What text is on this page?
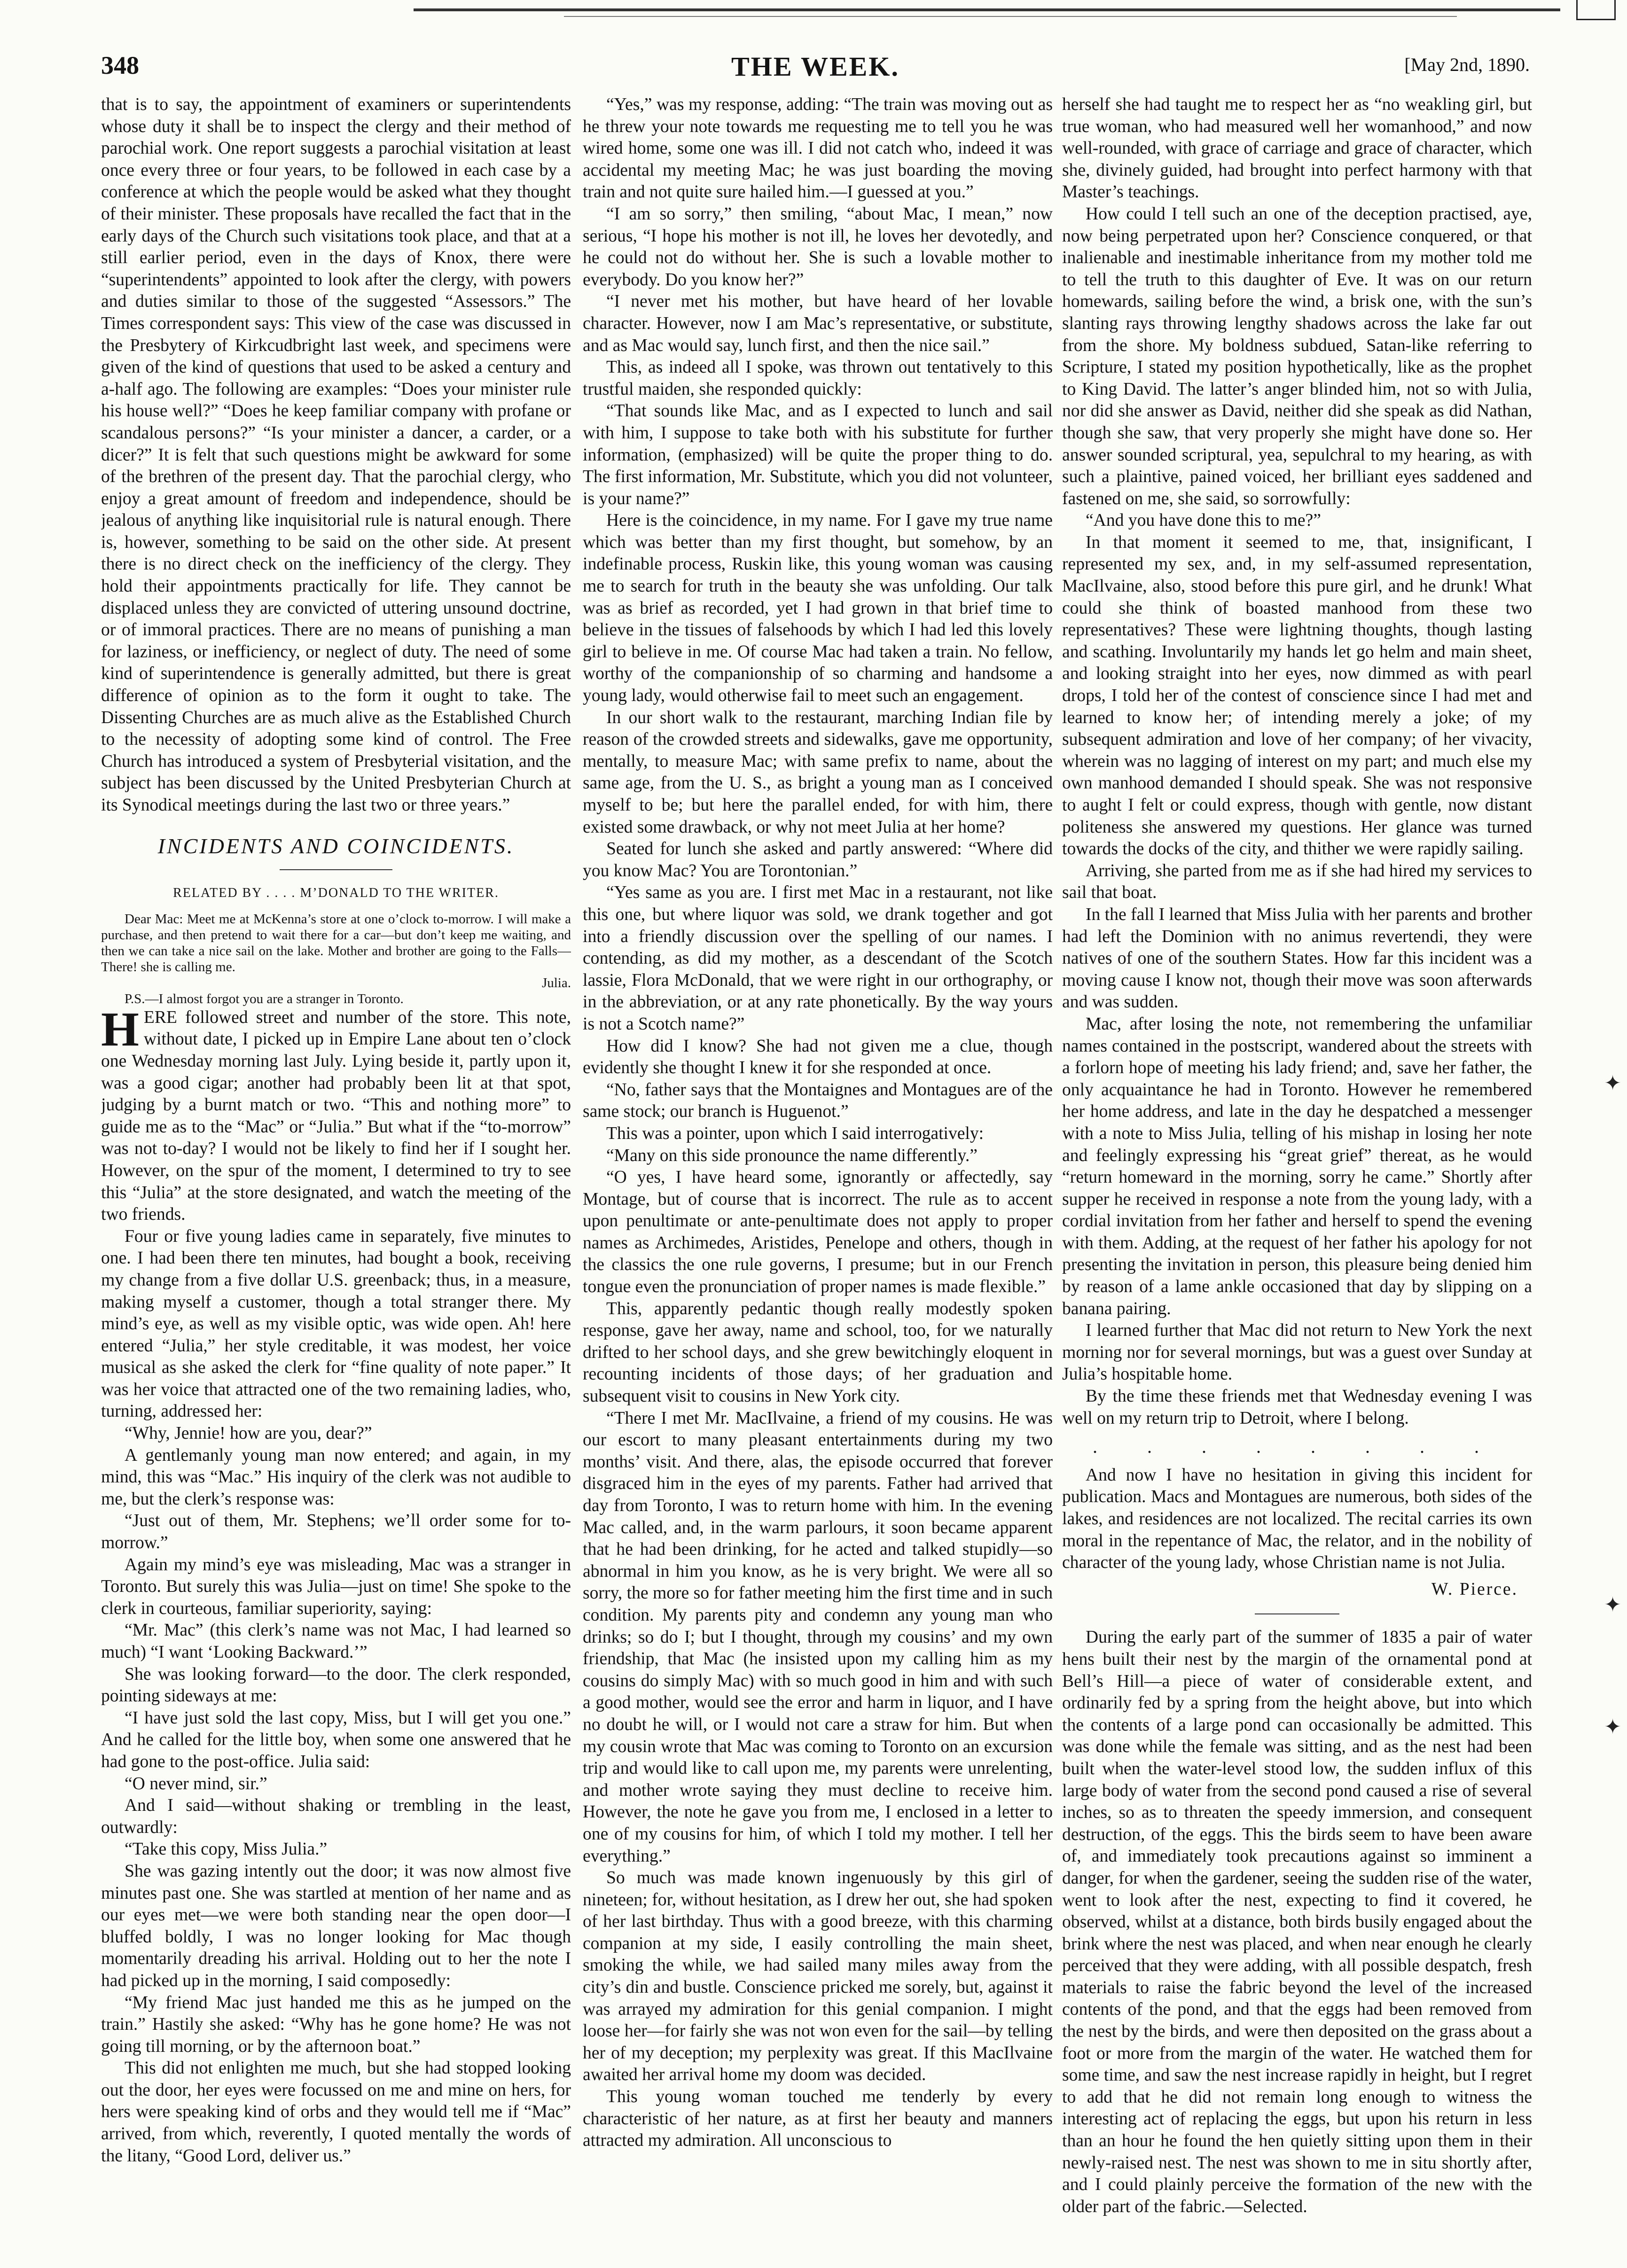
348	THE WEEK.	[May 2nd, 1890.

that is to say, the appointment of examiners or superintendents whose duty it shall be to inspect the clergy and their method of parochial work. One report suggests a parochial visitation at least once every three or four years, to be followed in each case by a conference at which the people would be asked what they thought of their minister. These proposals have recalled the fact that in the early days of the Church such visitations took place, and that at a still earlier period, even in the days of Knox, there were “superintendents” appointed to look after the clergy, with powers and duties similar to those of the suggested “Assessors.” The Times correspondent says: This view of the case was discussed in the Presbytery of Kirkcudbright last week, and specimens were given of the kind of questions that used to be asked a century and a-half ago. The following are examples: “Does your minister rule his house well?” “Does he keep familiar company with profane or scandalous persons?” “Is your minister a dancer, a carder, or a dicer?” It is felt that such questions might be awkward for some of the brethren of the present day. That the parochial clergy, who enjoy a great amount of freedom and independence, should be jealous of anything like inquisitorial rule is natural enough. There is, however, something to be said on the other side. At present there is no direct check on the inefficiency of the clergy. They hold their appointments practically for life. They cannot be displaced unless they are convicted of uttering unsound doctrine, or of immoral practices. There are no means of punishing a man for laziness, or inefficiency, or neglect of duty. The need of some kind of superintendence is generally admitted, but there is great difference of opinion as to the form it ought to take. The Dissenting Churches are as much alive as the Established Church to the necessity of adopting some kind of control. The Free Church has introduced a system of Presbyterial visitation, and the subject has been discussed by the United Presbyterian Church at its Synodical meetings during the last two or three years.”

INCIDENTS AND COINCIDENTS.
RELATED BY . . . . M’DONALD TO THE WRITER.

Dear Mac: Meet me at McKenna’s store at one o’clock to-morrow. I will make a purchase, and then pretend to wait there for a car—but don’t keep me waiting, and then we can take a nice sail on the lake. Mother and brother are going to the Falls— There! she is calling me.

Julia.

P.S.—I almost forgot you are a stranger in Toronto.

HERE followed street and number of the store. This note, without date, I picked up in Empire Lane about ten o’clock one Wednesday morning last July. Lying beside it, partly upon it, was a good cigar; another had probably been lit at that spot, judging by a burnt match or two. “This and nothing more” to guide me as to the “Mac” or “Julia.” But what if the “to-morrow” was not to-day? I would not be likely to find her if I sought her. However, on the spur of the moment, I determined to try to see this “Julia” at the store designated, and watch the meeting of the two friends.

Four or five young ladies came in separately, five minutes to one. I had been there ten minutes, had bought a book, receiving my change from a five dollar U.S. greenback; thus, in a measure, making myself a customer, though a total stranger there. My mind’s eye, as well as my visible optic, was wide open. Ah! here entered “Julia,” her style creditable, it was modest, her voice musical as she asked the clerk for “fine quality of note paper.” It was her voice that attracted one of the two remaining ladies, who, turning, addressed her:

“Why, Jennie! how are you, dear?”

A gentlemanly young man now entered; and again, in my mind, this was “Mac.” His inquiry of the clerk was not audible to me, but the clerk’s response was:

“Just out of them, Mr. Stephens; we’ll order some for to-morrow.”

Again my mind’s eye was misleading, Mac was a stranger in Toronto. But surely this was Julia—just on time! She spoke to the clerk in courteous, familiar superiority, saying:

“Mr. Mac” (this clerk’s name was not Mac, I had learned so much) “I want ‘Looking Backward.’”

She was looking forward—to the door. The clerk responded, pointing sideways at me:

“I have just sold the last copy, Miss, but I will get you one.” And he called for the little boy, when some one answered that he had gone to the post-office. Julia said:

“O never mind, sir.”

And I said—without shaking or trembling in the least, outwardly:

“Take this copy, Miss Julia.”

She was gazing intently out the door; it was now almost five minutes past one. She was startled at mention of her name and as our eyes met—we were both standing near the open door—I bluffed boldly, I was no longer looking for Mac though momentarily dreading his arrival. Holding out to her the note I had picked up in the morning, I said composedly:

“My friend Mac just handed me this as he jumped on the train.” Hastily she asked: “Why has he gone home? He was not going till morning, or by the afternoon boat.”

This did not enlighten me much, but she had stopped looking out the door, her eyes were focussed on me and mine on hers, for hers were speaking kind of orbs and they would tell me if “Mac” arrived, from which, reverently, I quoted mentally the words of the litany, “Good Lord, deliver us.”

“Yes,” was my response, adding: “The train was moving out as he threw your note towards me requesting me to tell you he was wired home, some one was ill. I did not catch who, indeed it was accidental my meeting Mac; he was just boarding the moving train and not quite sure hailed him.—I guessed at you.”

“I am so sorry,” then smiling, “about Mac, I mean,” now serious, “I hope his mother is not ill, he loves her devotedly, and he could not do without her. She is such a lovable mother to everybody. Do you know her?”

“I never met his mother, but have heard of her lovable character. However, now I am Mac’s representative, or substitute, and as Mac would say, lunch first, and then the nice sail.”

This, as indeed all I spoke, was thrown out tentatively to this trustful maiden, she responded quickly:

“That sounds like Mac, and as I expected to lunch and sail with him, I suppose to take both with his substitute for further information, (emphasized) will be quite the proper thing to do. The first information, Mr. Substitute, which you did not volunteer, is your name?”

Here is the coincidence, in my name. For I gave my true name which was better than my first thought, but somehow, by an indefinable process, Ruskin like, this young woman was causing me to search for truth in the beauty she was unfolding. Our talk was as brief as recorded, yet I had grown in that brief time to believe in the tissues of falsehoods by which I had led this lovely girl to believe in me. Of course Mac had taken a train. No fellow, worthy of the companionship of so charming and handsome a young lady, would otherwise fail to meet such an engagement.

In our short walk to the restaurant, marching Indian file by reason of the crowded streets and sidewalks, gave me opportunity, mentally, to measure Mac; with same prefix to name, about the same age, from the U. S., as bright a young man as I conceived myself to be; but here the parallel ended, for with him, there existed some drawback, or why not meet Julia at her home?

Seated for lunch she asked and partly answered: “Where did you know Mac? You are Torontonian.”

“Yes same as you are. I first met Mac in a restaurant, not like this one, but where liquor was sold, we drank together and got into a friendly discussion over the spelling of our names. I contending, as did my mother, as a descendant of the Scotch lassie, Flora McDonald, that we were right in our orthography, or in the abbreviation, or at any rate phonetically. By the way yours is not a Scotch name?”

How did I know? She had not given me a clue, though evidently she thought I knew it for she responded at once.

“No, father says that the Montaignes and Montagues are of the same stock; our branch is Huguenot.”

This was a pointer, upon which I said interrogatively:

“Many on this side pronounce the name differently.”

“O yes, I have heard some, ignorantly or affectedly, say Montage, but of course that is incorrect. The rule as to accent upon penultimate or ante-penultimate does not apply to proper names as Archimedes, Aristides, Penelope and others, though in the classics the one rule governs, I presume; but in our French tongue even the pronunciation of proper names is made flexible.”

This, apparently pedantic though really modestly spoken response, gave her away, name and school, too, for we naturally drifted to her school days, and she grew bewitchingly eloquent in recounting incidents of those days; of her graduation and subsequent visit to cousins in New York city.

“There I met Mr. MacIlvaine, a friend of my cousins. He was our escort to many pleasant entertainments during my two months’ visit. And there, alas, the episode occurred that forever disgraced him in the eyes of my parents. Father had arrived that day from Toronto, I was to return home with him. In the evening Mac called, and, in the warm parlours, it soon became apparent that he had been drinking, for he acted and talked stupidly—so abnormal in him you know, as he is very bright. We were all so sorry, the more so for father meeting him the first time and in such condition. My parents pity and condemn any young man who drinks; so do I; but I thought, through my cousins’ and my own friendship, that Mac (he insisted upon my calling him as my cousins do simply Mac) with so much good in him and with such a good mother, would see the error and harm in liquor, and I have no doubt he will, or I would not care a straw for him. But when my cousin wrote that Mac was coming to Toronto on an excursion trip and would like to call upon me, my parents were unrelenting, and mother wrote saying they must decline to receive him. However, the note he gave you from me, I enclosed in a letter to one of my cousins for him, of which I told my mother. I tell her everything.”

So much was made known ingenuously by this girl of nineteen; for, without hesitation, as I drew her out, she had spoken of her last birthday. Thus with a good breeze, with this charming companion at my side, I easily controlling the main sheet, smoking the while, we had sailed many miles away from the city’s din and bustle. Conscience pricked me sorely, but, against it was arrayed my admiration for this genial companion. I might loose her—for fairly she was not won even for the sail—by telling her of my deception; my perplexity was great. If this MacIlvaine awaited her arrival home my doom was decided.

This young woman touched me tenderly by every characteristic of her nature, as at first her beauty and manners attracted my admiration. All unconscious to

herself she had taught me to respect her as “no weakling girl, but true woman, who had measured well her womanhood,” and now well-rounded, with grace of carriage and grace of character, which she, divinely guided, had brought into perfect harmony with that Master’s teachings.

How could I tell such an one of the deception practised, aye, now being perpetrated upon her? Conscience conquered, or that inalienable and inestimable inheritance from my mother told me to tell the truth to this daughter of Eve. It was on our return homewards, sailing before the wind, a brisk one, with the sun’s slanting rays throwing lengthy shadows across the lake far out from the shore. My boldness subdued, Satan-like referring to Scripture, I stated my position hypothetically, like as the prophet to King David. The latter’s anger blinded him, not so with Julia, nor did she answer as David, neither did she speak as did Nathan, though she saw, that very properly she might have done so. Her answer sounded scriptural, yea, sepulchral to my hearing, as with such a plaintive, pained voiced, her brilliant eyes saddened and fastened on me, she said, so sorrowfully:

“And you have done this to me?”

In that moment it seemed to me, that, insignificant, I represented my sex, and, in my self-assumed representation, MacIlvaine, also, stood before this pure girl, and he drunk! What could she think of boasted manhood from these two representatives? These were lightning thoughts, though lasting and scathing. Involuntarily my hands let go helm and main sheet, and looking straight into her eyes, now dimmed as with pearl drops, I told her of the contest of conscience since I had met and learned to know her; of intending merely a joke; of my subsequent admiration and love of her company; of her vivacity, wherein was no lagging of interest on my part; and much else my own manhood demanded I should speak. She was not responsive to aught I felt or could express, though with gentle, now distant politeness she answered my questions. Her glance was turned towards the docks of the city, and thither we were rapidly sailing.

Arriving, she parted from me as if she had hired my services to sail that boat.

In the fall I learned that Miss Julia with her parents and brother had left the Dominion with no animus revertendi, they were natives of one of the southern States. How far this incident was a moving cause I know not, though their move was soon afterwards and was sudden.

Mac, after losing the note, not remembering the unfamiliar names contained in the postscript, wandered about the streets with a forlorn hope of meeting his lady friend; and, save her father, the only acquaintance he had in Toronto. However he remembered her home address, and late in the day he despatched a messenger with a note to Miss Julia, telling of his mishap in losing her note and feelingly expressing his “great grief” thereat, as he would “return homeward in the morning, sorry he came.” Shortly after supper he received in response a note from the young lady, with a cordial invitation from her father and herself to spend the evening with them. Adding, at the request of her father his apology for not presenting the invitation in person, this pleasure being denied him by reason of a lame ankle occasioned that day by slipping on a banana pairing.

I learned further that Mac did not return to New York the next morning nor for several mornings, but was a guest over Sunday at Julia’s hospitable home.

By the time these friends met that Wednesday evening I was well on my return trip to Detroit, where I belong.

. . . . . . . .

And now I have no hesitation in giving this incident for publication. Macs and Montagues are numerous, both sides of the lakes, and residences are not localized. The recital carries its own moral in the repentance of Mac, the relator, and in the nobility of character of the young lady, whose Christian name is not Julia.

W. Pierce.

During the early part of the summer of 1835 a pair of water hens built their nest by the margin of the ornamental pond at Bell’s Hill—a piece of water of considerable extent, and ordinarily fed by a spring from the height above, but into which the contents of a large pond can occasionally be admitted. This was done while the female was sitting, and as the nest had been built when the water-level stood low, the sudden influx of this large body of water from the second pond caused a rise of several inches, so as to threaten the speedy immersion, and consequent destruction, of the eggs. This the birds seem to have been aware of, and immediately took precautions against so imminent a danger, for when the gardener, seeing the sudden rise of the water, went to look after the nest, expecting to find it covered, he observed, whilst at a distance, both birds busily engaged about the brink where the nest was placed, and when near enough he clearly perceived that they were adding, with all possible despatch, fresh materials to raise the fabric beyond the level of the increased contents of the pond, and that the eggs had been removed from the nest by the birds, and were then deposited on the grass about a foot or more from the margin of the water. He watched them for some time, and saw the nest increase rapidly in height, but I regret to add that he did not remain long enough to witness the interesting act of replacing the eggs, but upon his return in less than an hour he found the hen quietly sitting upon them in their newly-raised nest. The nest was shown to me in situ shortly after, and I could plainly perceive the formation of the new with the older part of the fabric.—Selected.

✦
✦
✦
